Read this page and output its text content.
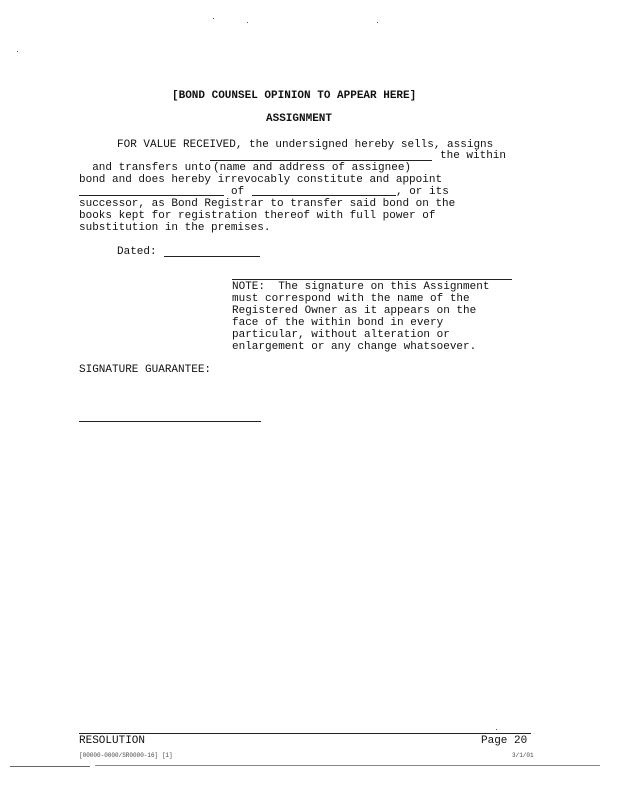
[BOND COUNSEL OPINION TO APPEAR HERE]
ASSIGNMENT
FOR VALUE RECEIVED, the undersigned hereby sells, assigns

and transfers unto

the within
(name and address of assignee)
bond and does hereby irrevocably constitute and appoint
of	, or its
successor, as Bond Registrar to transfer said bond on the
books kept for registration thereof with full power of
substitution in the premises.
Dated:
NOTE:  The signature on this Assignment
must correspond with the name of the
Registered Owner as it appears on the
face of the within bond in every
particular, without alteration or
enlargement or any change whatsoever.
SIGNATURE GUARANTEE:
RESOLUTION	Page 20
[00000-0000/SR0000-16] [1]	3/1/01
